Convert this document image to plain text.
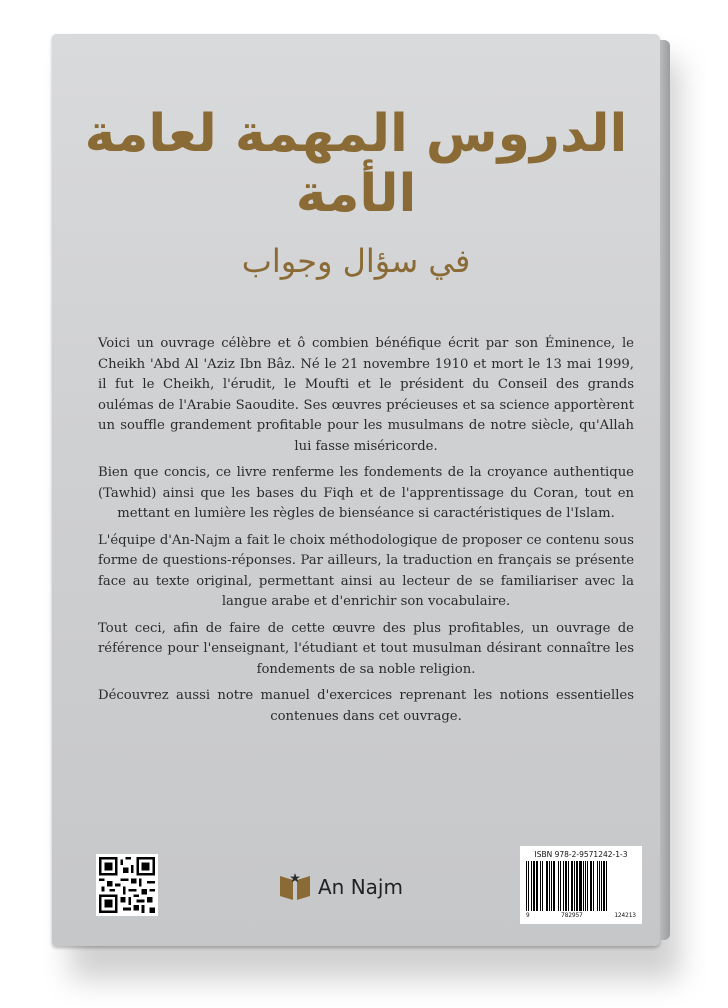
الدروس المهمة لعامة الأمة
في سؤال وجواب

Voici un ouvrage célèbre et ô combien bénéfique écrit par son Éminence, le Cheikh 'Abd Al 'Aziz Ibn Bâz. Né le 21 novembre 1910 et mort le 13 mai 1999, il fut le Cheikh, l'érudit, le Moufti et le président du Conseil des grands oulémas de l'Arabie Saoudite. Ses œuvres précieuses et sa science apportèrent un souffle grandement profitable pour les musulmans de notre siècle, qu'Allah lui fasse miséricorde.

Bien que concis, ce livre renferme les fondements de la croyance authentique (Tawhid) ainsi que les bases du Fiqh et de l'apprentissage du Coran, tout en mettant en lumière les règles de bienséance si caractéristiques de l'Islam.

L'équipe d'An-Najm a fait le choix méthodologique de proposer ce contenu sous forme de questions-réponses. Par ailleurs, la traduction en français se présente face au texte original, permettant ainsi au lecteur de se familiariser avec la langue arabe et d'enrichir son vocabulaire.

Tout ceci, afin de faire de cette œuvre des plus profitables, un ouvrage de référence pour l'enseignant, l'étudiant et tout musulman désirant connaître les fondements de sa noble religion.

Découvrez aussi notre manuel d'exercices reprenant les notions essentielles contenues dans cet ouvrage.

An Najm
ISBN 978-2-9571242-1-3
9	782957	124213
